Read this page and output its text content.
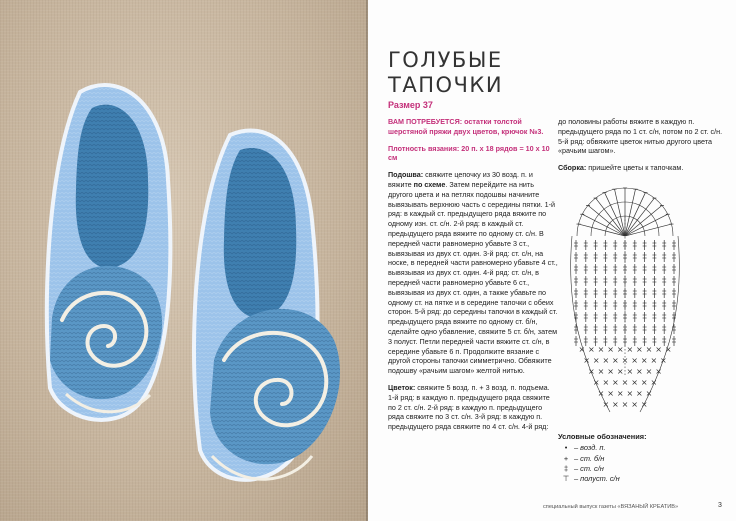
ГОЛУБЫЕ
ТАПОЧКИ
Размер 37

ВАМ ПОТРЕБУЕТСЯ: остатки толстой шерстяной пряжи двух цветов, крючок №3.

Плотность вязания: 20 п. х 18 рядов = 10 х 10 см

Подошва: свяжите цепочку из 30 возд. п. и вяжите по схеме. Затем перейдите на нить другого цвета и на петлях подошвы начините вывязывать верхнюю часть с середины пятки. 1-й ряд: в каждый ст. предыдущего ряда вяжите по одному изн. ст. с/н. 2-й ряд: в каждый ст. предыдущего ряда вяжите по одному ст. с/н. В передней части равномерно убавьте 3 ст., вывязывая из двух ст. один. 3-й ряд: ст. с/н, на носке, в передней части равномерно убавьте 4 ст., вывязывая из двух ст. один. 4-й ряд: ст. с/н, в передней части равномерно убавьте 6 ст., вывязывая из двух ст. один, а также убавьте по одному ст. на пятке и в середине тапочки с обеих сторон. 5-й ряд: до середины тапочки в каждый ст. предыдущего ряда вяжите по одному ст. б/н, сделайте одно убавление, свяжите 5 ст. б/н, затем 3 полуст. Петли передней части вяжите ст. с/н, в середине убавьте 6 п. Продолжите вязание с другой стороны тапочки симметрично. Обвяжите подошву «рачьим шагом» желтой нитью.

Цветок: свяжите 5 возд. п. + 3 возд. п. подъема. 1-й ряд: в каждую п. предыдущего ряда свяжите по 2 ст. с/н. 2-й ряд: в каждую п. предыдущего ряда свяжите по 3 ст. с/н. 3-й ряд: в каждую п. предыдущего ряда свяжите по 4 ст. с/н. 4-й ряд:

до половины работы вяжите в каждую п. предыдущего ряда по 1 ст. с/н, потом по 2 ст. с/н. 5-й ряд: обвяжите цветок нитью другого цвета «рачьим шагом».

Сборка: пришейте цветы к тапочкам.

× × × × × × × × × ×
× × × × × × × × ×
× × × × × × × ×
× × × × × × ×
× × × × × ×
× × × × ×
Условные обозначения:
• – возд. п.
+ – ст. б/н
‡ – ст. с/н
⊤ – полуст. с/н
специальный выпуск газеты «ВЯЗАНЫЙ КРЕАТИВ»	3
